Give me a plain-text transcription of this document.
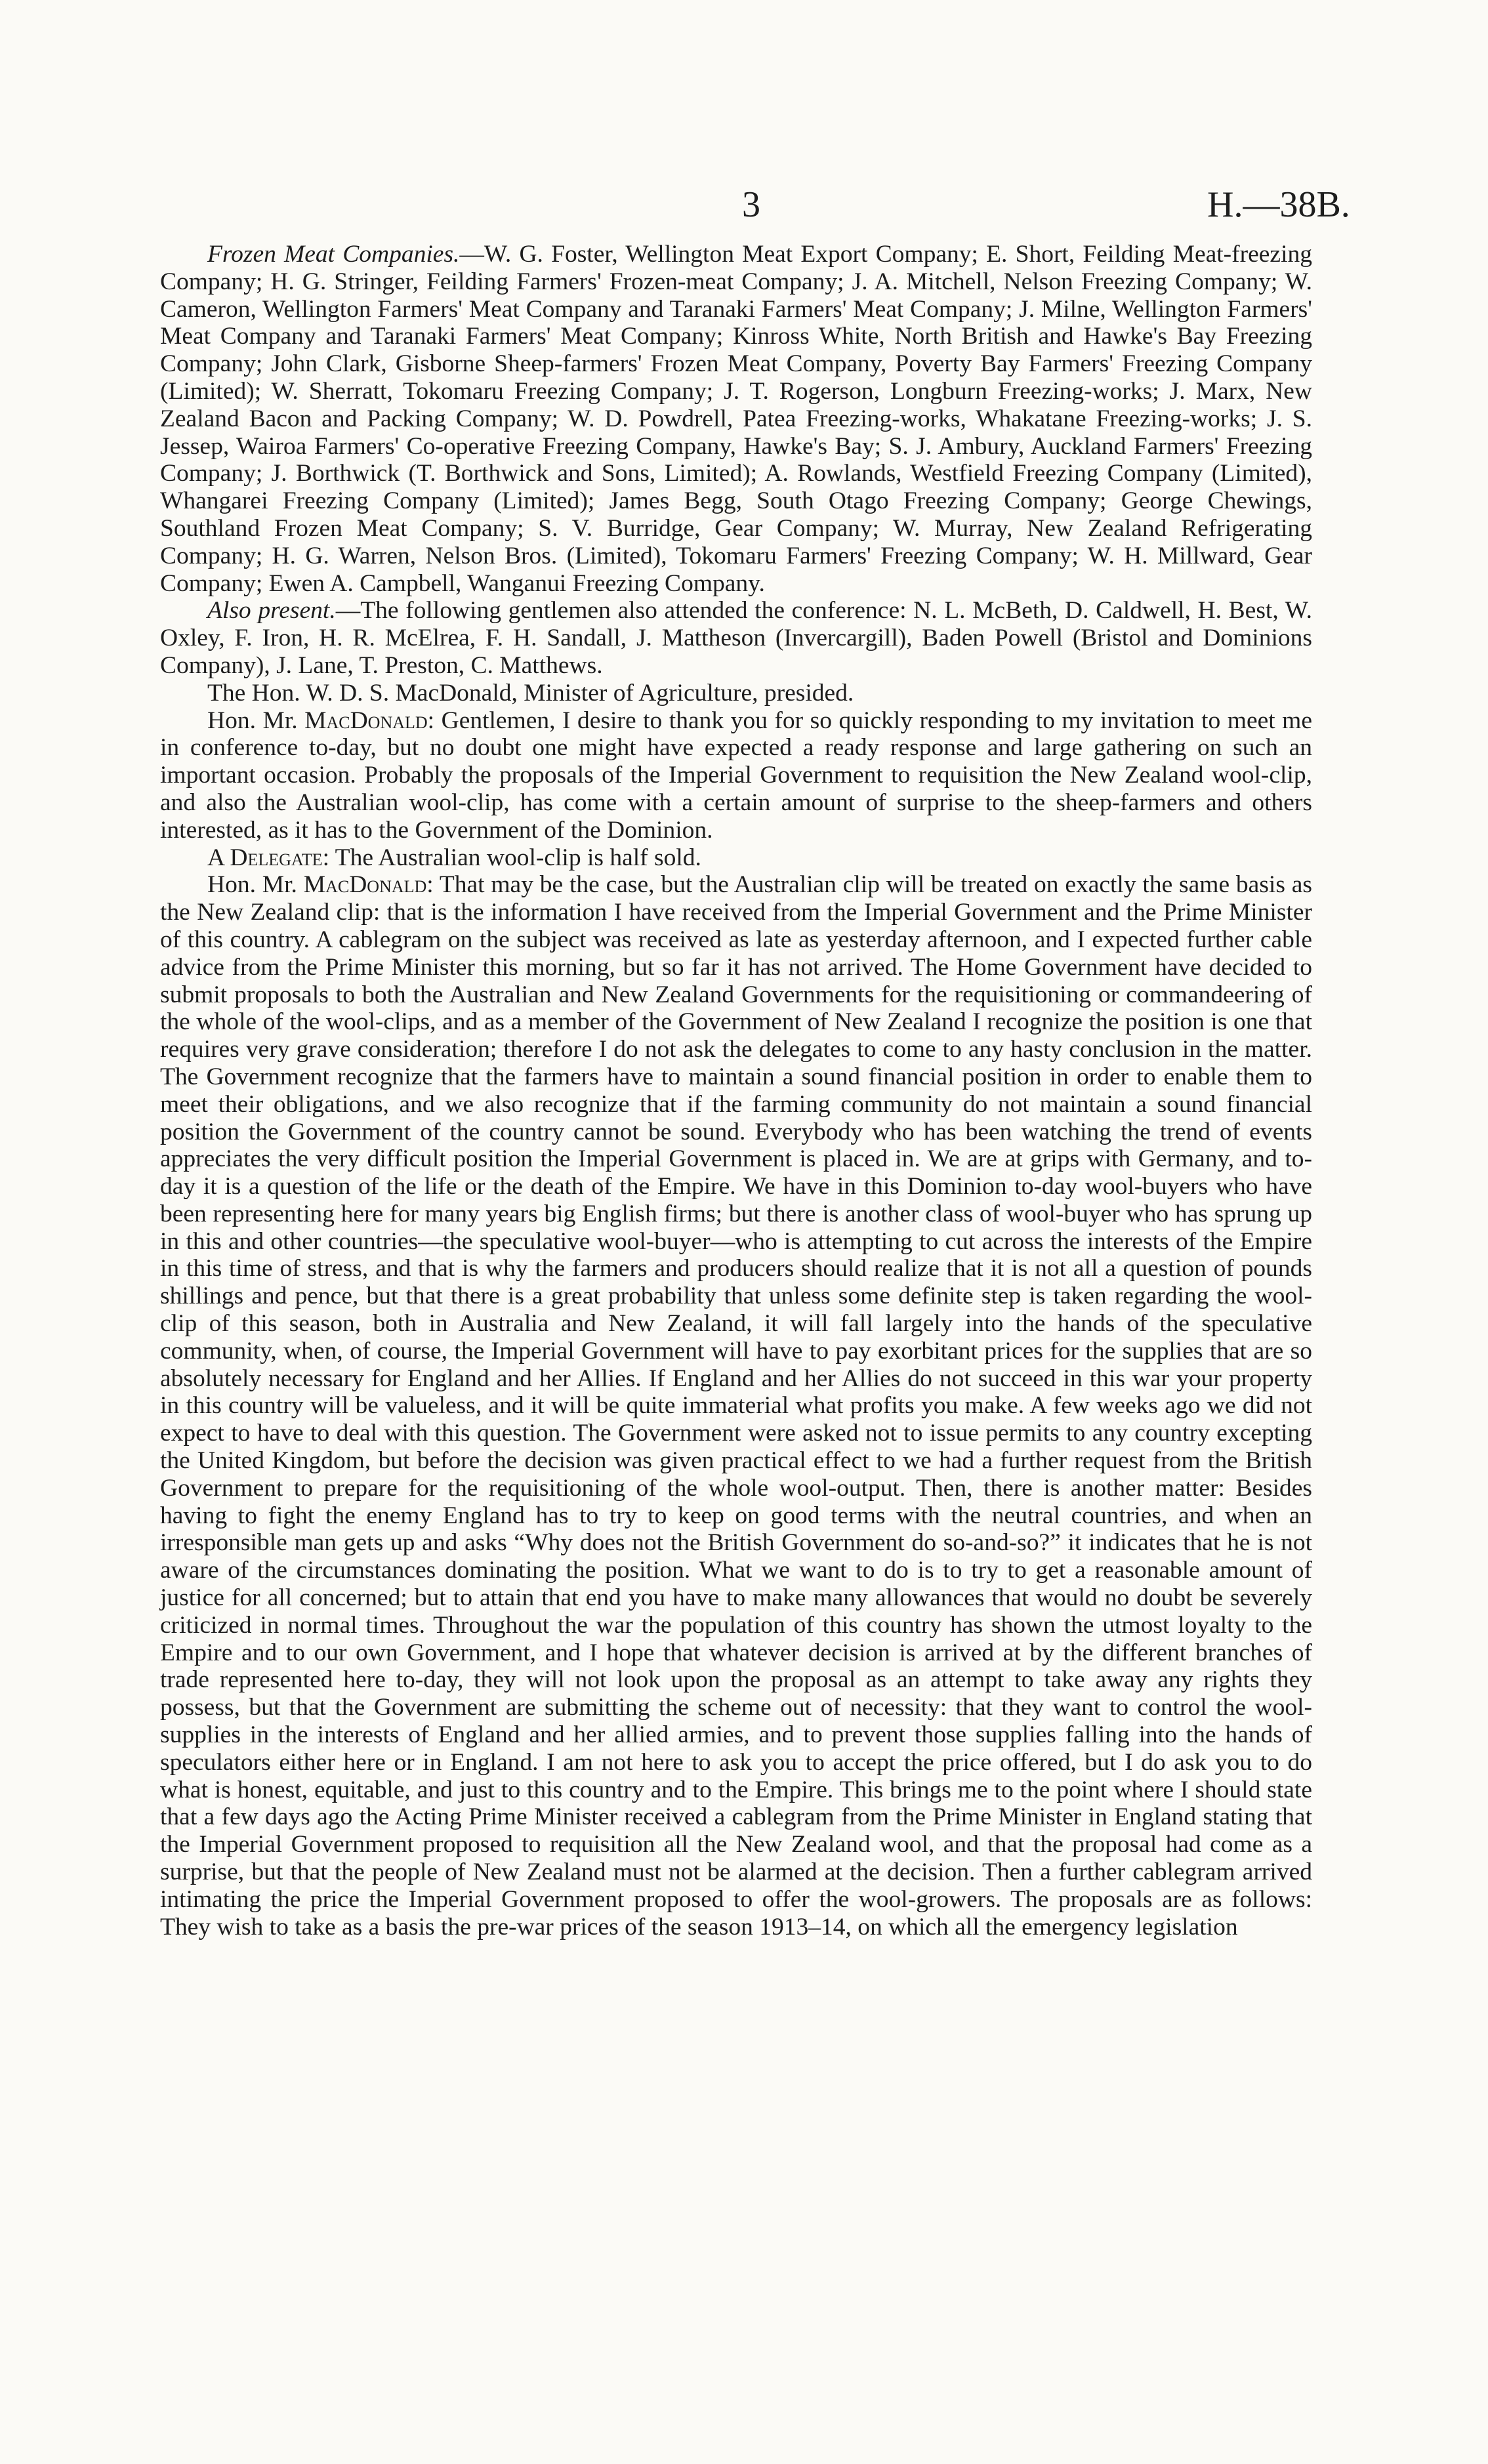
3	H.—38B.

Frozen Meat Companies.—W. G. Foster, Wellington Meat Export Company; E. Short, Feilding Meat-freezing Company; H. G. Stringer, Feilding Farmers' Frozen-meat Company; J. A. Mitchell, Nelson Freezing Company; W. Cameron, Wellington Farmers' Meat Company and Taranaki Farmers' Meat Company; J. Milne, Wellington Farmers' Meat Company and Taranaki Farmers' Meat Company; Kinross White, North British and Hawke's Bay Freezing Company; John Clark, Gisborne Sheep-farmers' Frozen Meat Company, Poverty Bay Farmers' Freezing Company (Limited); W. Sherratt, Tokomaru Freezing Company; J. T. Rogerson, Longburn Freezing-works; J. Marx, New Zealand Bacon and Packing Company; W. D. Powdrell, Patea Freezing-works, Whakatane Freezing-works; J. S. Jessep, Wairoa Farmers' Co-operative Freezing Company, Hawke's Bay; S. J. Ambury, Auckland Farmers' Freezing Company; J. Borthwick (T. Borthwick and Sons, Limited); A. Rowlands, Westfield Freezing Company (Limited), Whangarei Freezing Company (Limited); James Begg, South Otago Freezing Company; George Chewings, Southland Frozen Meat Company; S. V. Burridge, Gear Company; W. Murray, New Zealand Refrigerating Company; H. G. Warren, Nelson Bros. (Limited), Tokomaru Farmers' Freezing Company; W. H. Millward, Gear Company; Ewen A. Campbell, Wanganui Freezing Company.

Also present.—The following gentlemen also attended the conference: N. L. McBeth, D. Caldwell, H. Best, W. Oxley, F. Iron, H. R. McElrea, F. H. Sandall, J. Mattheson (Invercargill), Baden Powell (Bristol and Dominions Company), J. Lane, T. Preston, C. Matthews.

The Hon. W. D. S. MacDonald, Minister of Agriculture, presided.

Hon. Mr. MacDonald: Gentlemen, I desire to thank you for so quickly responding to my invitation to meet me in conference to-day, but no doubt one might have expected a ready response and large gathering on such an important occasion. Probably the proposals of the Imperial Government to requisition the New Zealand wool-clip, and also the Australian wool-clip, has come with a certain amount of surprise to the sheep-farmers and others interested, as it has to the Government of the Dominion.

A Delegate: The Australian wool-clip is half sold.

Hon. Mr. MacDonald: That may be the case, but the Australian clip will be treated on exactly the same basis as the New Zealand clip: that is the information I have received from the Imperial Government and the Prime Minister of this country. A cablegram on the subject was received as late as yesterday afternoon, and I expected further cable advice from the Prime Minister this morning, but so far it has not arrived. The Home Government have decided to submit proposals to both the Australian and New Zealand Governments for the requisitioning or commandeering of the whole of the wool-clips, and as a member of the Government of New Zealand I recognize the position is one that requires very grave consideration; therefore I do not ask the delegates to come to any hasty conclusion in the matter. The Government recognize that the farmers have to maintain a sound financial position in order to enable them to meet their obligations, and we also recognize that if the farming community do not maintain a sound financial position the Government of the country cannot be sound. Everybody who has been watching the trend of events appreciates the very difficult position the Imperial Government is placed in. We are at grips with Germany, and to-day it is a question of the life or the death of the Empire. We have in this Dominion to-day wool-buyers who have been representing here for many years big English firms; but there is another class of wool-buyer who has sprung up in this and other countries—the speculative wool-buyer—who is attempting to cut across the interests of the Empire in this time of stress, and that is why the farmers and producers should realize that it is not all a question of pounds shillings and pence, but that there is a great probability that unless some definite step is taken regarding the wool-clip of this season, both in Australia and New Zealand, it will fall largely into the hands of the speculative community, when, of course, the Imperial Government will have to pay exorbitant prices for the supplies that are so absolutely necessary for England and her Allies. If England and her Allies do not succeed in this war your property in this country will be valueless, and it will be quite immaterial what profits you make. A few weeks ago we did not expect to have to deal with this question. The Government were asked not to issue permits to any country excepting the United Kingdom, but before the decision was given practical effect to we had a further request from the British Government to prepare for the requisitioning of the whole wool-output. Then, there is another matter: Besides having to fight the enemy England has to try to keep on good terms with the neutral countries, and when an irresponsible man gets up and asks “Why does not the British Government do so-and-so?” it indicates that he is not aware of the circumstances dominating the position. What we want to do is to try to get a reasonable amount of justice for all concerned; but to attain that end you have to make many allowances that would no doubt be severely criticized in normal times. Throughout the war the population of this country has shown the utmost loyalty to the Empire and to our own Government, and I hope that whatever decision is arrived at by the different branches of trade represented here to-day, they will not look upon the proposal as an attempt to take away any rights they possess, but that the Government are submitting the scheme out of necessity: that they want to control the wool-supplies in the interests of England and her allied armies, and to prevent those supplies falling into the hands of speculators either here or in England. I am not here to ask you to accept the price offered, but I do ask you to do what is honest, equitable, and just to this country and to the Empire. This brings me to the point where I should state that a few days ago the Acting Prime Minister received a cablegram from the Prime Minister in England stating that the Imperial Government proposed to requisition all the New Zealand wool, and that the proposal had come as a surprise, but that the people of New Zealand must not be alarmed at the decision. Then a further cablegram arrived intimating the price the Imperial Government proposed to offer the wool-growers. The proposals are as follows: They wish to take as a basis the pre-war prices of the season 1913–14, on which all the emergency legislation
